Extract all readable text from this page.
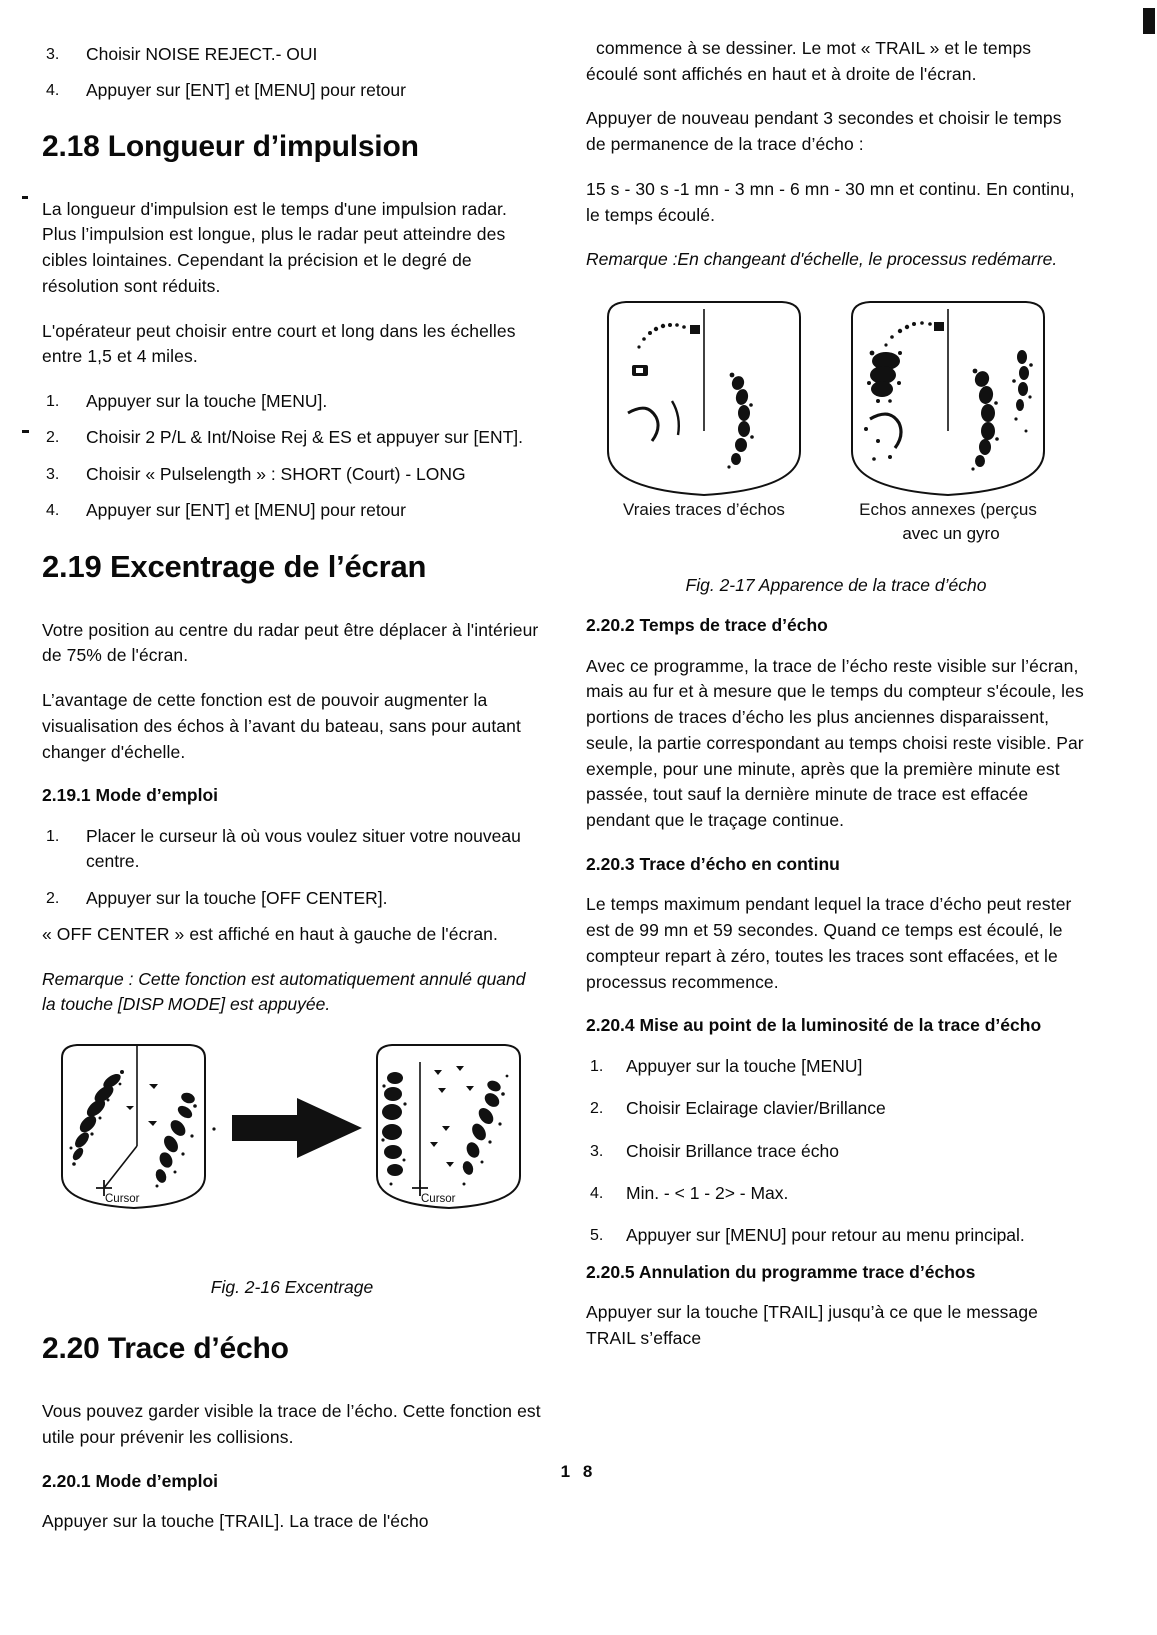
3. Choisir NOISE REJECT.- OUI
4. Appuyer sur [ENT] et [MENU] pour retour
2.18 Longueur d’impulsion

La longueur d'impulsion est le temps d'une impulsion radar. Plus l’impulsion est longue, plus le radar peut atteindre des cibles lointaines. Cependant la précision et le degré de résolution sont réduits.

L'opérateur peut choisir entre court et long dans les échelles entre 1,5 et 4 miles.

1. Appuyer sur la touche [MENU].
2. Choisir 2 P/L & Int/Noise Rej & ES et appuyer sur [ENT].
3. Choisir « Pulselength » : SHORT (Court) - LONG
4. Appuyer sur [ENT] et [MENU] pour retour
2.19 Excentrage de l’écran

Votre position au centre du radar peut être déplacer à l'intérieur de 75% de l'écran.

L’avantage de cette fonction est de pouvoir augmenter la visualisation des échos à l’avant du bateau, sans pour autant changer d'échelle.

2.19.1 Mode d’emploi
1. Placer le curseur là où vous voulez situer votre nouveau centre.
2. Appuyer sur la touche [OFF CENTER].

« OFF CENTER » est affiché en haut à gauche de l'écran.

Remarque : Cette fonction est automatiquement annulé quand la touche [DISP MODE] est appuyée.

Cursor	Cursor
Fig. 2-16 Excentrage
2.20 Trace d’écho

Vous pouvez garder visible la trace de l’écho. Cette fonction est utile pour prévenir les collisions.

2.20.1 Mode d’emploi

Appuyer sur la touche [TRAIL]. La trace de l'écho

commence à se dessiner. Le mot « TRAIL » et le temps écoulé sont affichés en haut et à droite de l'écran.

Appuyer de nouveau pendant 3 secondes et choisir le temps de permanence de la trace d’écho :

15 s - 30 s -1 mn - 3 mn - 6 mn - 30 mn et continu. En continu, le temps écoulé.

Remarque :En changeant d'échelle, le processus redémarre.

Vraies traces d’échos	Echos annexes (perçus
avec un gyro
Fig. 2-17 Apparence de la trace d’écho
2.20.2 Temps de trace d’écho

Avec ce programme, la trace de l’écho reste visible sur l’écran, mais au fur et à mesure que le temps du compteur s'écoule, les portions de traces d’écho les plus anciennes disparaissent, seule, la partie correspondant au temps choisi reste visible. Par exemple, pour une minute, après que la première minute est passée, tout sauf la dernière minute de trace est effacée pendant que le traçage continue.

2.20.3 Trace d’écho en continu

Le temps maximum pendant lequel la trace d’écho peut rester est de 99 mn et 59 secondes. Quand ce temps est écoulé, le compteur repart à zéro, toutes les traces sont effacées, et le processus recommence.

2.20.4 Mise au point de la luminosité de la trace d’écho
1. Appuyer sur la touche [MENU]
2. Choisir Eclairage clavier/Brillance
3. Choisir Brillance trace écho
4. Min. - < 1 - 2> - Max.
5. Appuyer sur [MENU] pour retour au menu principal.
2.20.5 Annulation du programme trace d’échos

Appuyer sur la touche [TRAIL] jusqu’à ce que le message TRAIL s’efface

1 8
